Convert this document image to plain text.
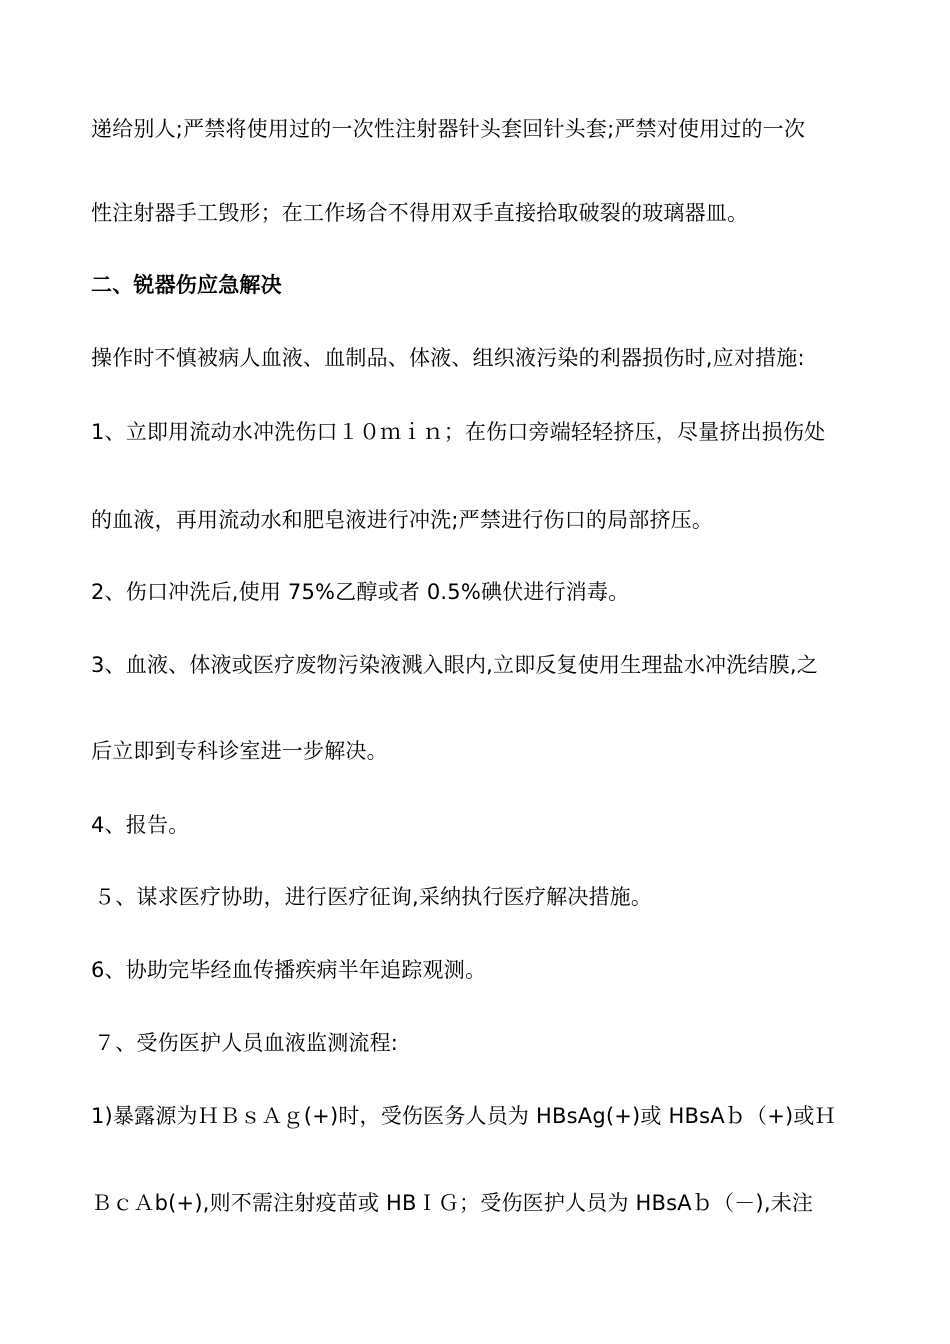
递给别人;严禁将使用过的一次性注射器针头套回针头套;严禁对使用过的一次
性注射器手工毁形；在工作场合不得用双手直接拾取破裂的玻璃器皿。
二、锐器伤应急解决
操作时不慎被病人血液、血制品、体液、组织液污染的利器损伤时,应对措施:
1、立即用流动水冲洗伤口１０ｍｉｎ；在伤口旁端轻轻挤压，尽量挤出损伤处
的血液，再用流动水和肥皂液进行冲洗;严禁进行伤口的局部挤压。
2、伤口冲洗后,使用 75%乙醇或者 0.5%碘伏进行消毒。
3、血液、体液或医疗废物污染液溅入眼内,立即反复使用生理盐水冲洗结膜,之
后立即到专科诊室进一步解决。
4、报告。
５、谋求医疗协助，进行医疗征询,采纳执行医疗解决措施。
6、协助完毕经血传播疾病半年追踪观测。
７、受伤医护人员血液监测流程:
1)暴露源为ＨＢｓＡｇ(+)时，受伤医务人员为 HBsAg(+)或 HBsAｂ（+)或Ｈ
ＢｃＡb(+),则不需注射疫苗或 HBＩＧ；受伤医护人员为 HBsAｂ（－),未注
